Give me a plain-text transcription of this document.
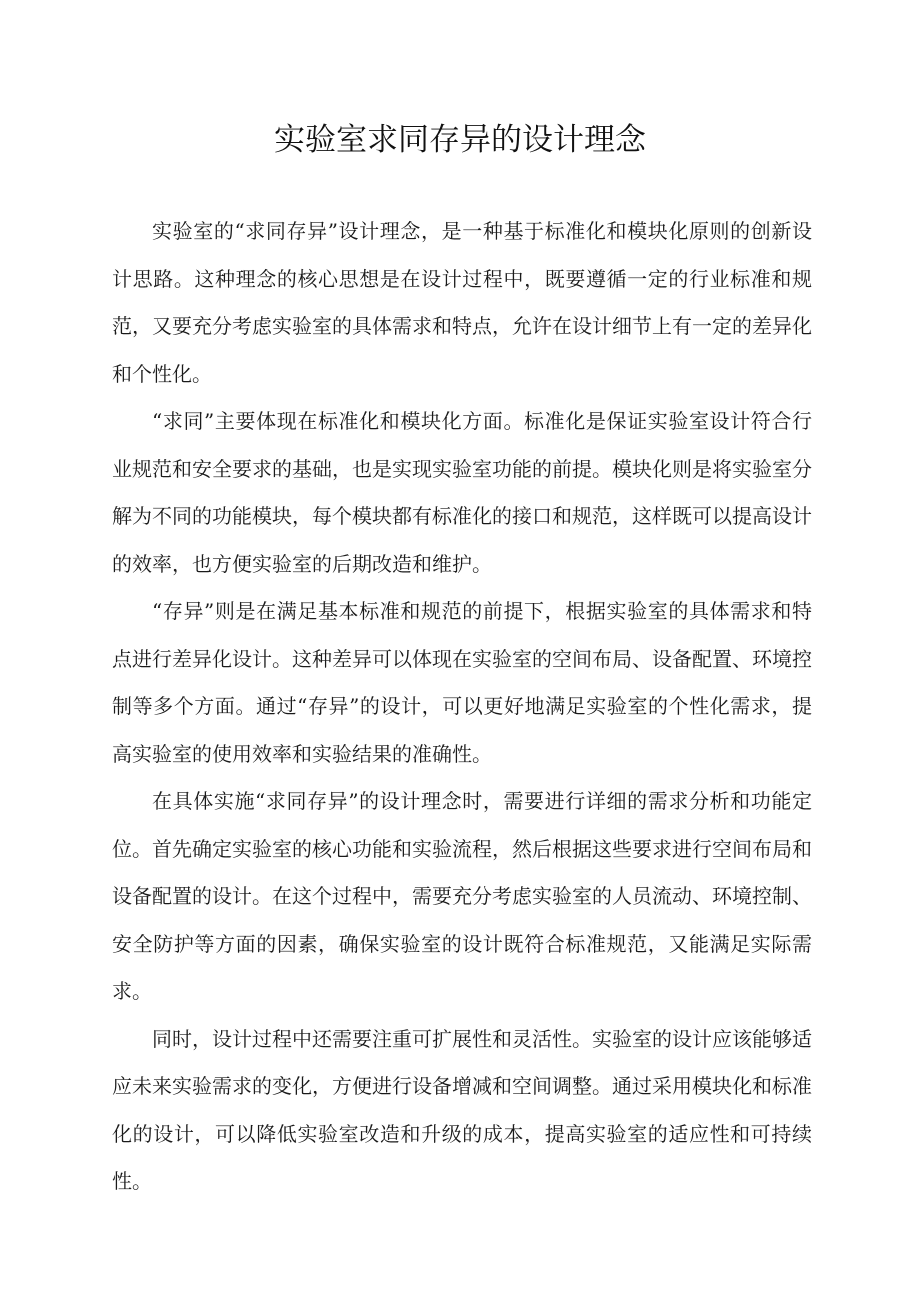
实验室求同存异的设计理念

实验室的“求同存异”设计理念，是一种基于标准化和模块化原则的创新设计思路。这种理念的核心思想是在设计过程中，既要遵循一定的行业标准和规范，又要充分考虑实验室的具体需求和特点，允许在设计细节上有一定的差异化和个性化。

“求同”主要体现在标准化和模块化方面。标准化是保证实验室设计符合行业规范和安全要求的基础，也是实现实验室功能的前提。模块化则是将实验室分解为不同的功能模块，每个模块都有标准化的接口和规范，这样既可以提高设计的效率，也方便实验室的后期改造和维护。

“存异”则是在满足基本标准和规范的前提下，根据实验室的具体需求和特点进行差异化设计。这种差异可以体现在实验室的空间布局、设备配置、环境控制等多个方面。通过“存异”的设计，可以更好地满足实验室的个性化需求，提高实验室的使用效率和实验结果的准确性。

在具体实施“求同存异”的设计理念时，需要进行详细的需求分析和功能定位。首先确定实验室的核心功能和实验流程，然后根据这些要求进行空间布局和设备配置的设计。在这个过程中，需要充分考虑实验室的人员流动、环境控制、安全防护等方面的因素，确保实验室的设计既符合标准规范，又能满足实际需求。

同时，设计过程中还需要注重可扩展性和灵活性。实验室的设计应该能够适应未来实验需求的变化，方便进行设备增减和空间调整。通过采用模块化和标准化的设计，可以降低实验室改造和升级的成本，提高实验室的适应性和可持续性。
